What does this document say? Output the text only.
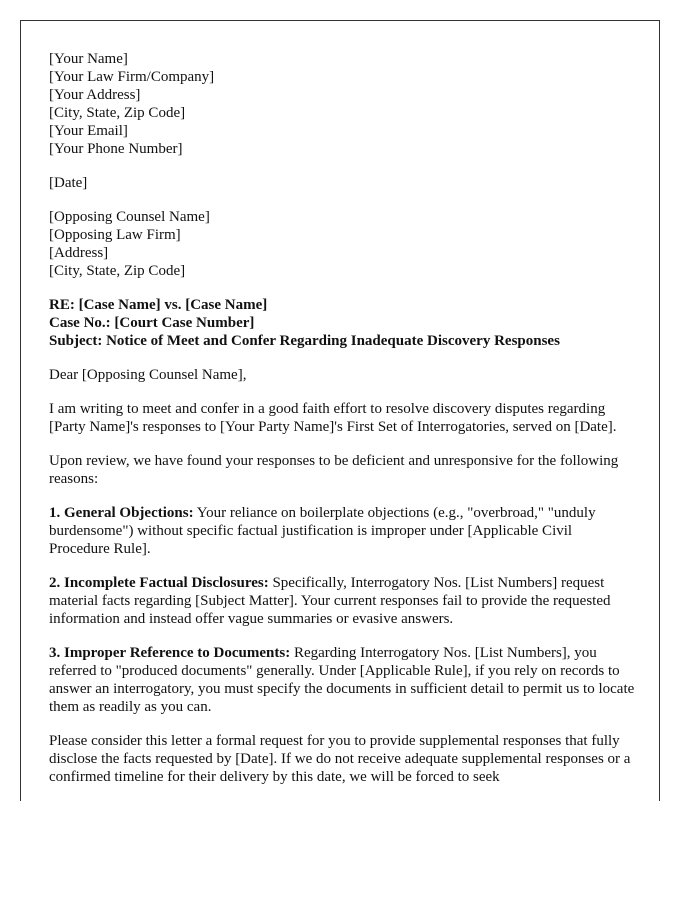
[Your Name]
[Your Law Firm/Company]
[Your Address]
[City, State, Zip Code]
[Your Email]
[Your Phone Number]
[Date]
[Opposing Counsel Name]
[Opposing Law Firm]
[Address]
[City, State, Zip Code]
RE: [Case Name] vs. [Case Name]
Case No.: [Court Case Number]
Subject: Notice of Meet and Confer Regarding Inadequate Discovery Responses
Dear [Opposing Counsel Name],
I am writing to meet and confer in a good faith effort to resolve discovery disputes regarding [Party Name]'s responses to [Your Party Name]'s First Set of Interrogatories, served on [Date].
Upon review, we have found your responses to be deficient and unresponsive for the following reasons:
1. General Objections: Your reliance on boilerplate objections (e.g., "overbroad," "unduly burdensome") without specific factual justification is improper under [Applicable Civil Procedure Rule].
2. Incomplete Factual Disclosures: Specifically, Interrogatory Nos. [List Numbers] request material facts regarding [Subject Matter]. Your current responses fail to provide the requested information and instead offer vague summaries or evasive answers.
3. Improper Reference to Documents: Regarding Interrogatory Nos. [List Numbers], you referred to "produced documents" generally. Under [Applicable Rule], if you rely on records to answer an interrogatory, you must specify the documents in sufficient detail to permit us to locate them as readily as you can.
Please consider this letter a formal request for you to provide supplemental responses that fully disclose the facts requested by [Date]. If we do not receive adequate supplemental responses or a confirmed timeline for their delivery by this date, we will be forced to seek
